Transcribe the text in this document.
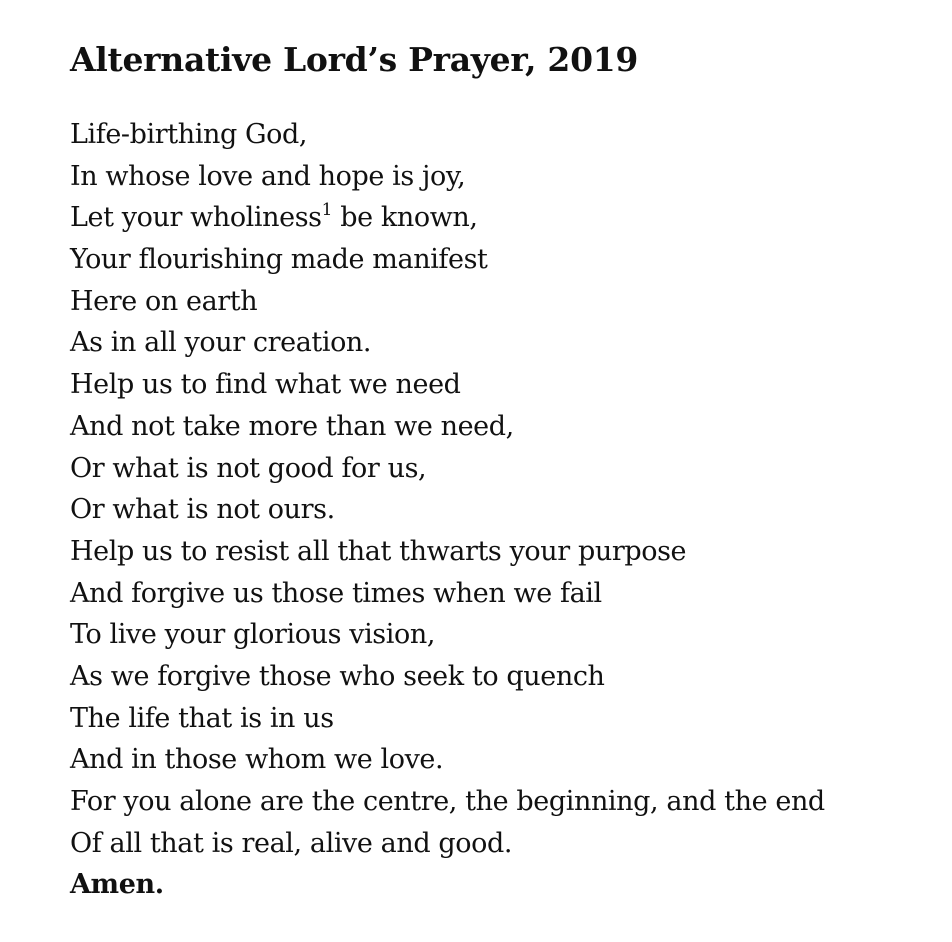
Alternative Lord’s Prayer, 2019
Life-birthing God,
In whose love and hope is joy,
Let your wholiness$^1$ be known,
Your flourishing made manifest
Here on earth
As in all your creation.
Help us to find what we need
And not take more than we need,
Or what is not good for us,
Or what is not ours.
Help us to resist all that thwarts your purpose
And forgive us those times when we fail
To live your glorious vision,
As we forgive those who seek to quench
The life that is in us
And in those whom we love.
For you alone are the centre, the beginning, and the end
Of all that is real, alive and good.
Amen.
